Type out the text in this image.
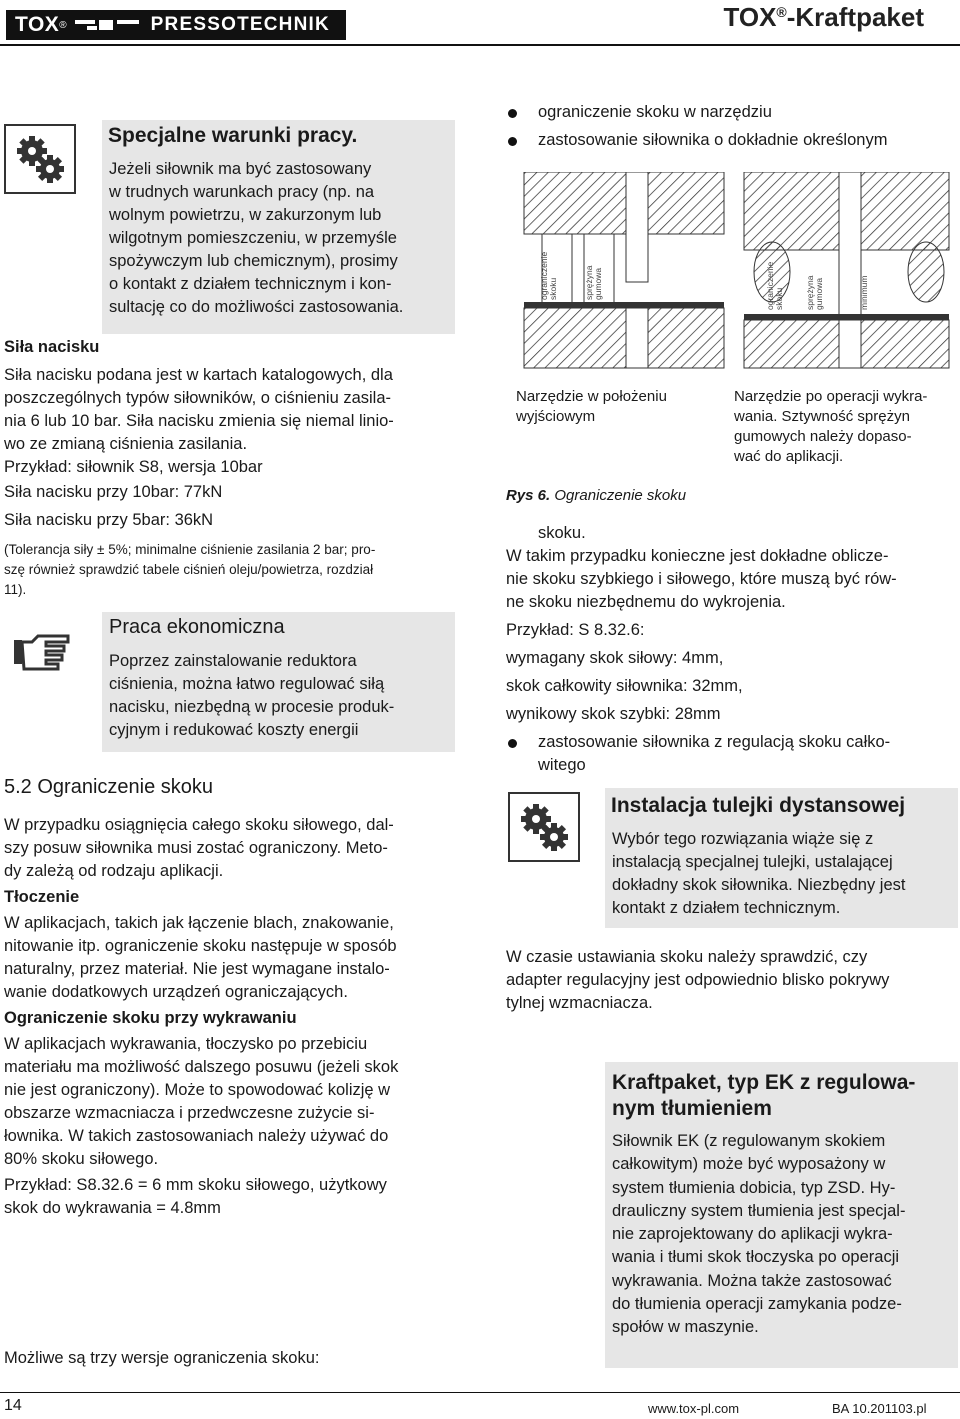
TOX ®	PRESSOTECHNIK	TOX®-Kraftpaket
Specjalne warunki pracy.

Jeżeli siłownik ma być zastosowany

w trudnych warunkach pracy (np. na

wolnym powietrzu, w zakurzonym lub

wilgotnym pomieszczeniu, w przemyśle

spożywczym lub chemicznym), prosimy

o kontakt z działem technicznym i kon-

sultację co do możliwości zastosowania.

Siła nacisku

Siła nacisku podana jest w kartach katalogowych, dla

poszczególnych typów siłowników, o ciśnieniu zasila-

nia 6 lub 10 bar. Siła nacisku zmienia się niemal linio-

wo ze zmianą ciśnienia zasilania.

Przykład: siłownik S8, wersja 10bar

Siła nacisku przy 10bar: 77kN

Siła nacisku przy 5bar: 36kN

(Tolerancja siły ± 5%; minimalne ciśnienie zasilania 2 bar; pro-

szę również sprawdzić tabele ciśnień oleju/powietrza, rozdział

11).

Praca ekonomiczna

Poprzez zainstalowanie reduktora

ciśnienia, można łatwo regulować siłą

nacisku, niezbędną w procesie produk-

cyjnym i redukować koszty energii

5.2 Ograniczenie skoku

W przypadku osiągnięcia całego skoku siłowego, dal-

szy posuw siłownika musi zostać ograniczony. Meto-

dy zależą od rodzaju aplikacji.

Tłoczenie

W aplikacjach, takich jak łączenie blach, znakowanie,

nitowanie itp. ograniczenie skoku następuje w sposób

naturalny, przez materiał. Nie jest wymagane instalo-

wanie dodatkowych urządzeń ograniczających.

Ograniczenie skoku przy wykrawaniu

W aplikacjach wykrawania, tłoczysko po przebiciu

materiału ma możliwość dalszego posuwu (jeżeli skok

nie jest ograniczony). Może to spowodować kolizję w

obszarze wzmacniacza i przedwczesne zużycie si-

łownika. W takich zastosowaniach należy używać do

80% skoku siłowego.

Przykład: S8.32.6 = 6 mm skoku siłowego, użytkowy

skok do wykrawania = 4.8mm

Możliwe są trzy wersje ograniczenia skoku:

ograniczenie skoku w narzędziu

zastosowanie siłownika o dokładnie określonym

ograniczenie skoku	sprężyna gumowa	ograniczenie skoku	sprężyna gumowa	minimum

Narzędzie w położeniu

wyjściowym

Narzędzie po operacji wykra-

wania. Sztywność sprężyn

gumowych należy dopaso-

wać do aplikacji.

Rys 6. Ograniczenie skoku

skoku.

W takim przypadku konieczne jest dokładne oblicze-

nie skoku szybkiego i siłowego, które muszą być rów-

ne skoku niezbędnemu do wykrojenia.

Przykład: S 8.32.6:

wymagany skok siłowy: 4mm,

skok całkowity siłownika: 32mm,

wynikowy skok szybki: 28mm

zastosowanie siłownika z regulacją skoku całko-

witego

Instalacja tulejki dystansowej

Wybór tego rozwiązania wiąże się z

instalacją specjalnej tulejki, ustalającej

dokładny skok siłownika. Niezbędny jest

kontakt z działem technicznym.

W czasie ustawiania skoku należy sprawdzić, czy

adapter regulacyjny jest odpowiednio blisko pokrywy

tylnej wzmacniacza.

Kraftpaket, typ EK z regulowa-
nym tłumieniem

Siłownik EK (z regulowanym skokiem

całkowitym) może być wyposażony w

system tłumienia dobicia, typ ZSD. Hy-

drauliczny system tłumienia jest specjal-

nie zaprojektowany do aplikacji wykra-

wania i tłumi skok tłoczyska po operacji

wykrawania. Można także zastosować

do tłumienia operacji zamykania podze-

społów w maszynie.

14	www.tox-pl.com	BA 10.201103.pl
